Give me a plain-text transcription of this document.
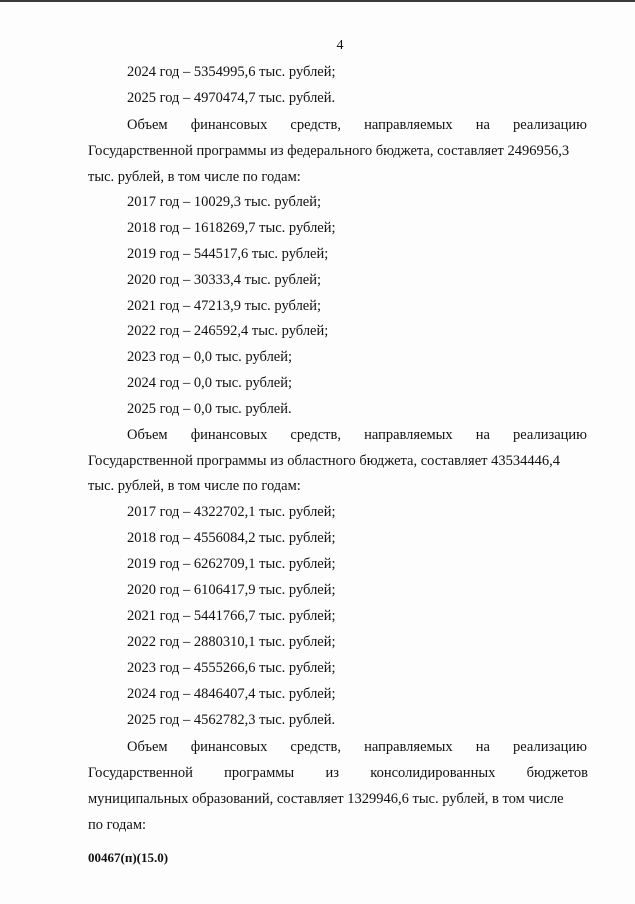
4
2024 год – 5354995,6 тыс. рублей;
2025 год – 4970474,7 тыс. рублей.
Объем финансовых средств, направляемых на реализацию
Государственной программы из федерального бюджета, составляет 2496956,3
тыс. рублей, в том числе по годам:
2017 год – 10029,3 тыс. рублей;
2018 год – 1618269,7 тыс. рублей;
2019 год – 544517,6 тыс. рублей;
2020 год – 30333,4 тыс. рублей;
2021 год – 47213,9 тыс. рублей;
2022 год – 246592,4 тыс. рублей;
2023 год – 0,0 тыс. рублей;
2024 год – 0,0 тыс. рублей;
2025 год – 0,0 тыс. рублей.
Объем финансовых средств, направляемых на реализацию
Государственной программы из областного бюджета, составляет 43534446,4
тыс. рублей, в том числе по годам:
2017 год – 4322702,1 тыс. рублей;
2018 год – 4556084,2 тыс. рублей;
2019 год – 6262709,1 тыс. рублей;
2020 год – 6106417,9 тыс. рублей;
2021 год – 5441766,7 тыс. рублей;
2022 год – 2880310,1 тыс. рублей;
2023 год – 4555266,6 тыс. рублей;
2024 год – 4846407,4 тыс. рублей;
2025 год – 4562782,3 тыс. рублей.
Объем финансовых средств, направляемых на реализацию
Государственной программы из консолидированных бюджетов
муниципальных образований, составляет 1329946,6 тыс. рублей, в том числе
по годам:
00467(п)(15.0)
